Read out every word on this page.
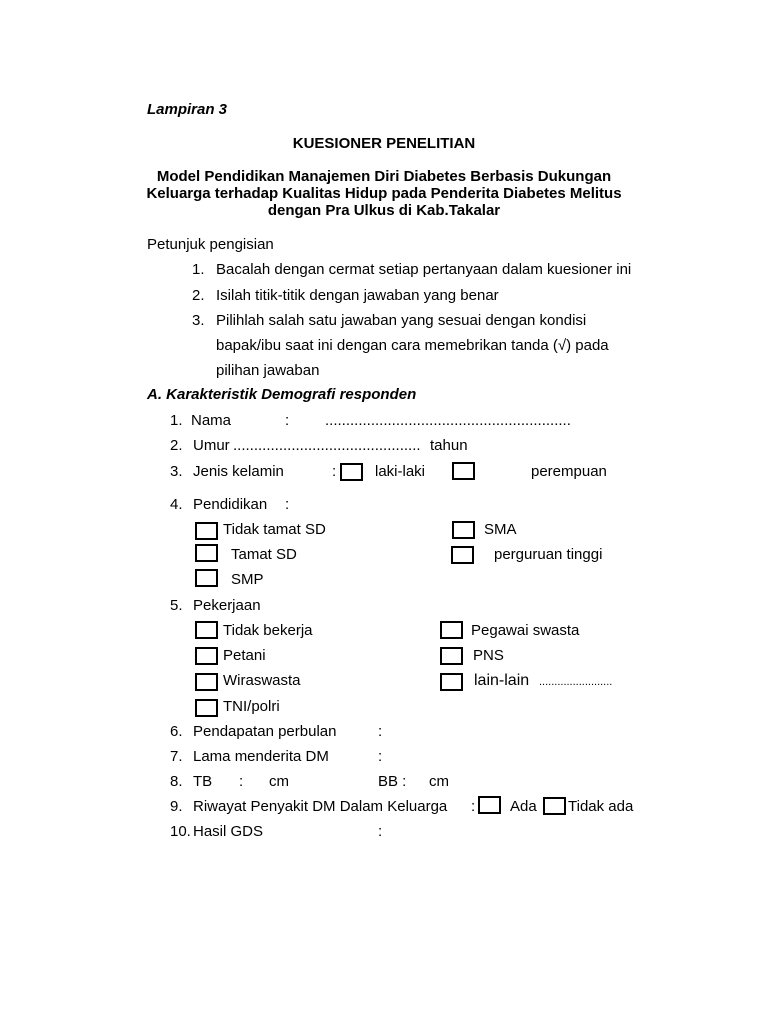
Lampiran 3
KUESIONER PENELITIAN
Model Pendidikan Manajemen Diri Diabetes Berbasis Dukungan
Keluarga terhadap Kualitas Hidup pada Penderita Diabetes Melitus
dengan Pra Ulkus di Kab.Takalar
Petunjuk pengisian
1. Bacalah dengan cermat setiap pertanyaan dalam kuesioner ini
2. Isilah titik-titik dengan jawaban yang benar
3. Pilihlah salah satu jawaban yang sesuai dengan kondisi
bapak/ibu saat ini dengan cara memebrikan tanda (√) pada
pilihan jawaban
A. Karakteristik Demografi responden
1. Nama	: ...........................................................
2. Umur ............................................. tahun
3. Jenis kelamin	:	laki-laki	perempuan
4. Pendidikan :
Tidak tamat SD	SMA
Tamat SD	perguruan tinggi
SMP
5. Pekerjaan
Tidak bekerja	Pegawai swasta
Petani	PNS
Wiraswasta	lain-lain ........................
TNI/polri
6. Pendapatan perbulan	:
7. Lama menderita DM	:
8. TB : cm	BB : cm
9. Riwayat Penyakit DM Dalam Keluarga : Ada Tidak ada
10. Hasil GDS	:
